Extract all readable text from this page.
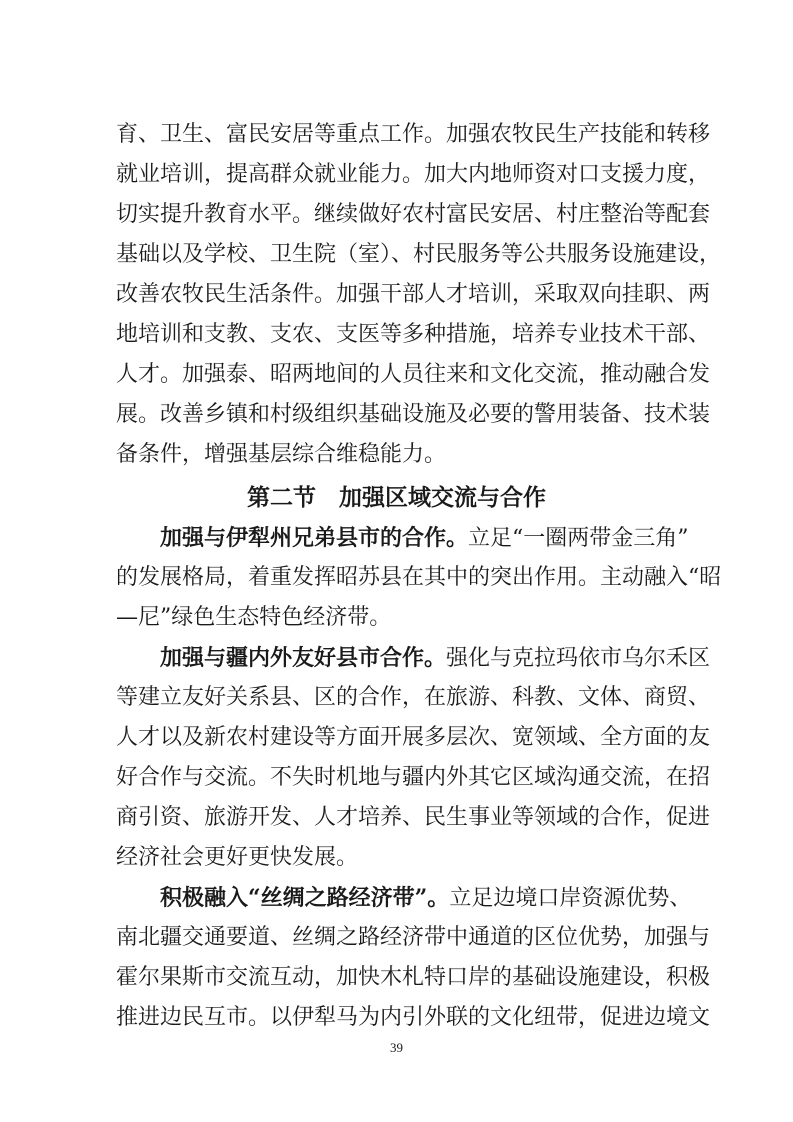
育、卫生、富民安居等重点工作。加强农牧民生产技能和转移
就业培训，提高群众就业能力。加大内地师资对口支援力度，
切实提升教育水平。继续做好农村富民安居、村庄整治等配套
基础以及学校、卫生院（室）、村民服务等公共服务设施建设，
改善农牧民生活条件。加强干部人才培训，采取双向挂职、两
地培训和支教、支农、支医等多种措施，培养专业技术干部、
人才。加强泰、昭两地间的人员往来和文化交流，推动融合发
展。改善乡镇和村级组织基础设施及必要的警用装备、技术装
备条件，增强基层综合维稳能力。
第二节　加强区域交流与合作
加强与伊犁州兄弟县市的合作。立足“一圈两带金三角”
的发展格局，着重发挥昭苏县在其中的突出作用。主动融入“昭
—尼”绿色生态特色经济带。
加强与疆内外友好县市合作。强化与克拉玛依市乌尔禾区
等建立友好关系县、区的合作，在旅游、科教、文体、商贸、
人才以及新农村建设等方面开展多层次、宽领域、全方面的友
好合作与交流。不失时机地与疆内外其它区域沟通交流，在招
商引资、旅游开发、人才培养、民生事业等领域的合作，促进
经济社会更好更快发展。
积极融入“丝绸之路经济带”。立足边境口岸资源优势、
南北疆交通要道、丝绸之路经济带中通道的区位优势，加强与
霍尔果斯市交流互动，加快木札特口岸的基础设施建设，积极
推进边民互市。以伊犁马为内引外联的文化纽带，促进边境文
39
